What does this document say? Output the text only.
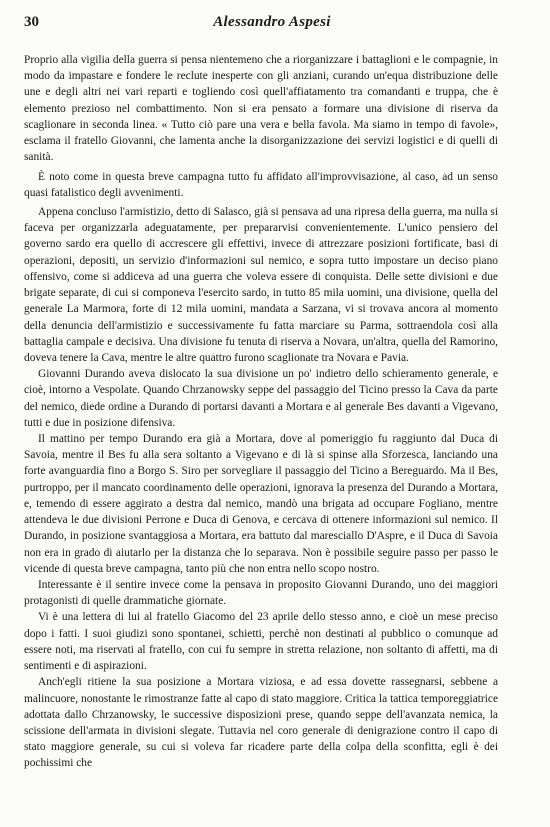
30	Alessandro Aspesi

Proprio alla vigilia della guerra si pensa nientemeno che a riorganizzare i battaglioni e le compagnie, in modo da impastare e fondere le reclute inesperte con gli anziani, curando un'equa distribuzione delle une e degli altri nei vari reparti e togliendo così quell'affiatamento tra comandanti e truppa, che è elemento prezioso nel combattimento. Non si era pensato a formare una divisione di riserva da scaglionare in seconda linea. « Tutto ciò pare una vera e bella favola. Ma siamo in tempo di favole», esclama il fratello Giovanni, che lamenta anche la disorganizzazione dei servizi logistici e di quelli di sanità.

È noto come in questa breve campagna tutto fu affidato all'improvvisazione, al caso, ad un senso quasi fatalistico degli avvenimenti.

Appena concluso l'armistizio, detto di Salasco, già si pensava ad una ripresa della guerra, ma nulla si faceva per organizzarla adeguatamente, per prepararvisi convenientemente. L'unico pensiero del governo sardo era quello di accrescere gli effettivi, invece di attrezzare posizioni fortificate, basi di operazioni, depositi, un servizio d'informazioni sul nemico, e sopra tutto impostare un deciso piano offensivo, come si addiceva ad una guerra che voleva essere di conquista. Delle sette divisioni e due brigate separate, di cui si componeva l'esercito sardo, in tutto 85 mila uomini, una divisione, quella del generale La Marmora, forte di 12 mila uomini, mandata a Sarzana, vi si trovava ancora al momento della denuncia dell'armistizio e successivamente fu fatta marciare su Parma, sottraendola così alla battaglia campale e decisiva. Una divisione fu tenuta di riserva a Novara, un'altra, quella del Ramorino, doveva tenere la Cava, mentre le altre quattro furono scaglionate tra Novara e Pavia.

Giovanni Durando aveva dislocato la sua divisione un po' indietro dello schieramento generale, e cioè, intorno a Vespolate. Quando Chrzanowsky seppe del passaggio del Ticino presso la Cava da parte del nemico, diede ordine a Durando di portarsi davanti a Mortara e al generale Bes davanti a Vigevano, tutti e due in posizione difensiva.

Il mattino per tempo Durando era già a Mortara, dove al pomeriggio fu raggiunto dal Duca di Savoia, mentre il Bes fu alla sera soltanto a Vigevano e di là si spinse alla Sforzesca, lanciando una forte avanguardia fino a Borgo S. Siro per sorvegliare il passaggio del Ticino a Bereguardo. Ma il Bes, purtroppo, per il mancato coordinamento delle operazioni, ignorava la presenza del Durando a Mortara, e, temendo di essere aggirato a destra dal nemico, mandò una brigata ad occupare Fogliano, mentre attendeva le due divisioni Perrone e Duca di Genova, e cercava di ottenere informazioni sul nemico. Il Durando, in posizione svantaggiosa a Mortara, era battuto dal maresciallo D'Aspre, e il Duca di Savoia non era in grado di aiutarlo per la distanza che lo separava. Non è possibile seguire passo per passo le vicende di questa breve campagna, tanto più che non entra nello scopo nostro.

Interessante è il sentire invece come la pensava in proposito Giovanni Durando, uno dei maggiori protagonisti di quelle drammatiche giornate.

Vi è una lettera di lui al fratello Giacomo del 23 aprile dello stesso anno, e cioè un mese preciso dopo i fatti. I suoi giudizi sono spontanei, schietti, perchè non destinati al pubblico o comunque ad essere noti, ma riservati al fratello, con cui fu sempre in stretta relazione, non soltanto di affetti, ma di sentimenti e di aspirazioni.

Anch'egli ritiene la sua posizione a Mortara viziosa, e ad essa dovette rassegnarsi, sebbene a malincuore, nonostante le rimostranze fatte al capo di stato maggiore. Critica la tattica temporeggiatrice adottata dallo Chrzanowsky, le successive disposizioni prese, quando seppe dell'avanzata nemica, la scissione dell'armata in divisioni slegate. Tuttavia nel coro generale di denigrazione contro il capo di stato maggiore generale, su cui si voleva far ricadere parte della colpa della sconfitta, egli è dei pochissimi che
